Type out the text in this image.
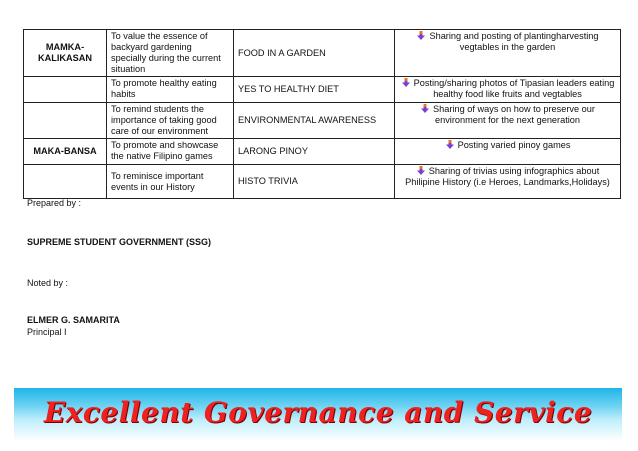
MAMKA-
KALIKASAN	To value the essence of backyard gardening specially during the current situation	FOOD IN A GARDEN	Sharing and posting of plantingharvesting vegtables in the garden
	To promote healthy eating habits	YES TO HEALTHY DIET	Posting/sharing photos of Tipasian leaders eating healthy food like fruits and vegtables
	To remind students the importance of taking good care of our environment	ENVIRONMENTAL AWARENESS	Sharing of ways on how to preserve our environment for the next generation
MAKA-BANSA	To promote and showcase the native Filipino games	LARONG PINOY	Posting varied pinoy games
	To reminisce important events in our History	HISTO TRIVIA	Sharing of trivias using infographics about Philipine History (i.e Heroes, Landmarks,Holidays)
Prepared by :
SUPREME STUDENT GOVERNMENT (SSG)
Noted by :
ELMER G. SAMARITA
Principal I
Excellent Governance and Service
